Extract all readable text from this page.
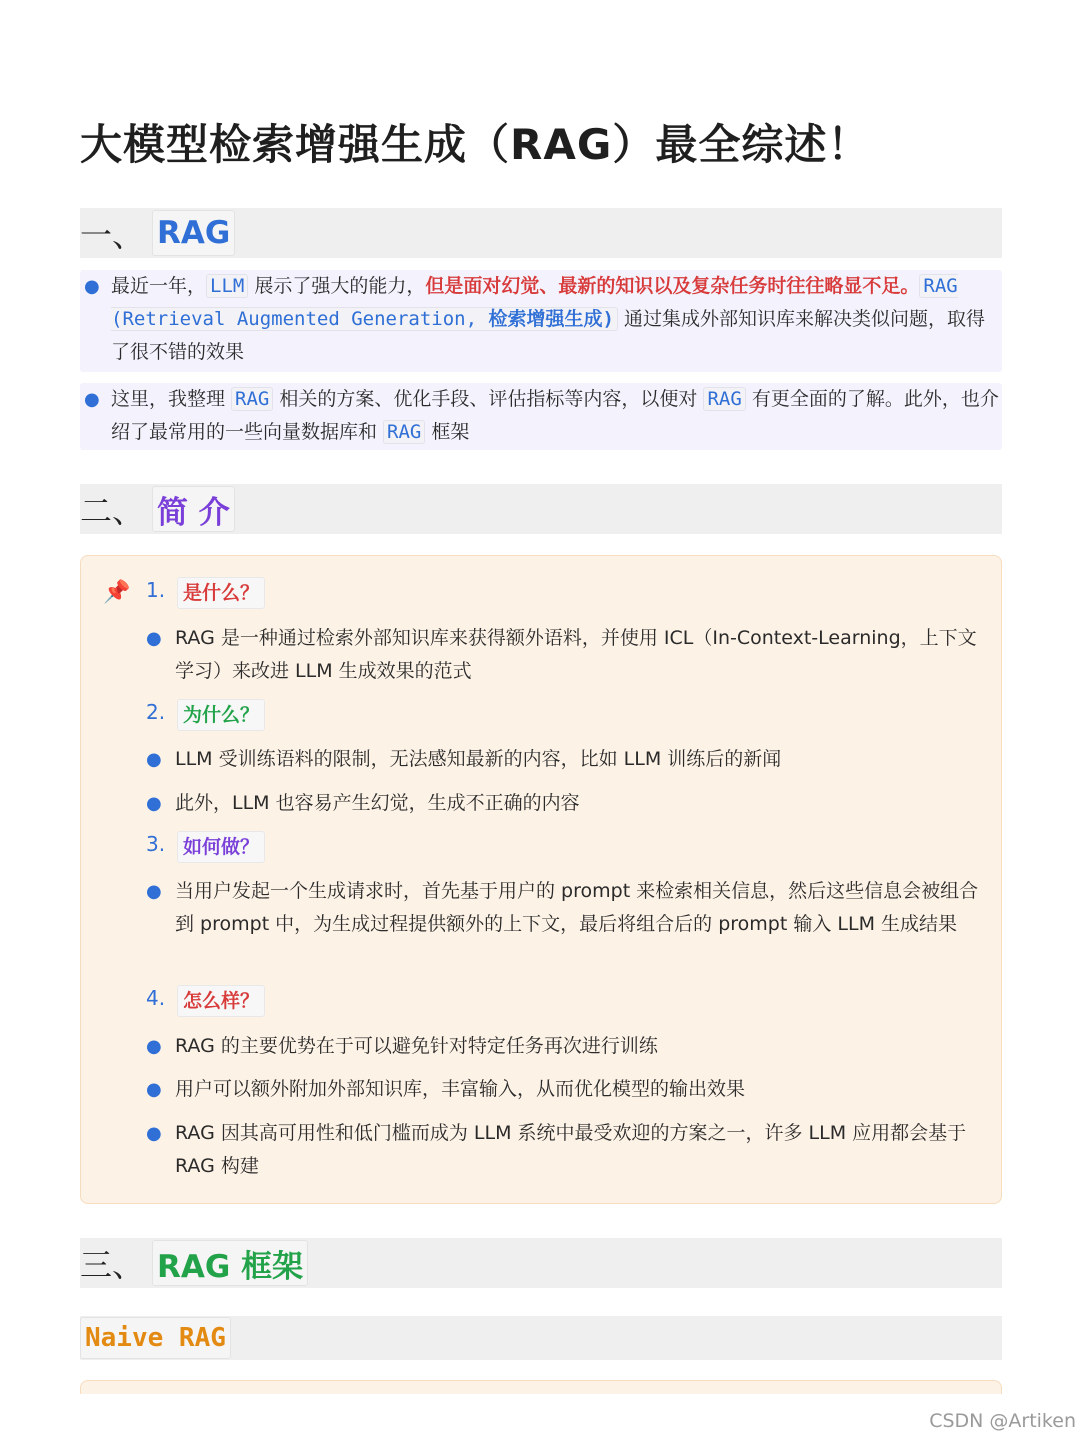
大模型检索增强生成（RAG）最全综述！
一、 RAG
● 最近一年， LLM 展示了强大的能力，但是面对幻觉、最新的知识以及复杂任务时往往略显不足。 RAG (Retrieval Augmented Generation, 检索增强生成) 通过集成外部知识库来解决类似问题，取得了很不错的效果
● 这里，我整理 RAG 相关的方案、优化手段、评估指标等内容，以便对 RAG 有更全面的了解。此外，也介绍了最常用的一些向量数据库和 RAG 框架
二、 简 介
📌 1. 是什么？
● RAG 是一种通过检索外部知识库来获得额外语料，并使用 ICL（In-Context-Learning，上下文学习）来改进 LLM 生成效果的范式
2. 为什么？
● LLM 受训练语料的限制，无法感知最新的内容，比如 LLM 训练后的新闻
● 此外，LLM 也容易产生幻觉，生成不正确的内容
3. 如何做？
● 当用户发起一个生成请求时，首先基于用户的 prompt 来检索相关信息，然后这些信息会被组合到 prompt 中，为生成过程提供额外的上下文，最后将组合后的 prompt 输入 LLM 生成结果
4. 怎么样？
● RAG 的主要优势在于可以避免针对特定任务再次进行训练
● 用户可以额外附加外部知识库，丰富输入，从而优化模型的输出效果
● RAG 因其高可用性和低门槛而成为 LLM 系统中最受欢迎的方案之一，许多 LLM 应用都会基于 RAG 构建
三、 RAG 框架
Naive RAG
CSDN @Artiken
